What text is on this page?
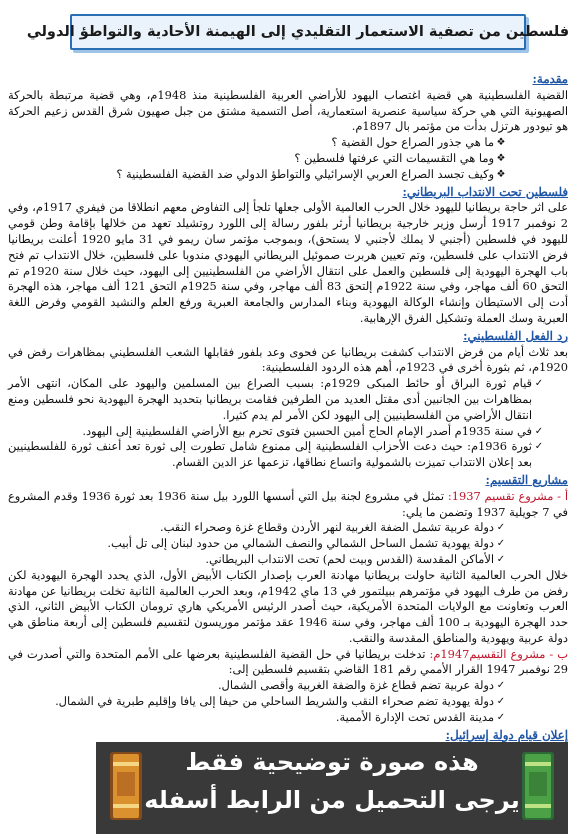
فلسطين من تصفية الاستعمار التقليدي إلى الهيمنة الأحادية والتواطؤ الدولي
مقدمة:

القضية الفلسطينية هي قضية اغتصاب اليهود للأراضي العربية الفلسطينية منذ 1948م، وهي قضية مرتبطة بالحركة الصهيونية التي هي حركة سياسية عنصرية استعمارية، أصل التسمية مشتق من جبل صهيون شرق القدس زعيم الحركة هو تيودور هرتزل بدأت من مؤتمر بال 1897م.

❖
ما هي جذور الصراع حول القضية ؟
❖
وما هي التقسيمات التي عرفتها فلسطين ؟
❖
وكيف تجسد الصراع العربي الإسرائيلي والتواطؤ الدولي ضد القضية الفلسطينية ؟
فلسطين تحت الانتداب البريطاني:

على اثر حاجة بريطانيا لليهود خلال الحرب العالمية الأولى جعلها تلجأ إلى التفاوض معهم انطلاقا من فيفري 1917م، وفي 2 نوفمبر 1917 أرسل وزير خارجية بريطانيا أرثر بلفور رسالة إلى اللورد روتشيلد تعهد من خلالها بإقامة وطن قومي لليهود في فلسطين (أجنبي لا يملك لأجنبي لا يستحق)، وبموجب مؤتمر سان ريمو في 31 مايو 1920 أعلنت بريطانيا فرض الانتداب على فلسطين، وتم تعيين هربرت صموئيل البريطاني اليهودي مندوبا على فلسطين، خلال الانتداب تم فتح باب الهجرة اليهودية إلى فلسطين والعمل على انتقال الأراضي من الفلسطينيين إلى اليهود، حيث خلال سنة 1920م تم التحق 60 ألف مهاجر، وفي سنة 1922م إلتحق 83 ألف مهاجر، وفي سنة 1925م التحق 121 ألف مهاجر، هذه الهجرة أدت إلى الاستيطان وإنشاء الوكالة اليهودية وبناء المدارس والجامعة العبرية ورفع العلم والنشيد القومي وفرض اللغة العبرية وسك العملة وتشكيل الفرق الإرهابية.

رد الفعل الفلسطيني:

بعد ثلاث أيام من فرض الانتداب كشفت بريطانيا عن فحوى وعد بلفور فقابلها الشعب الفلسطيني بمظاهرات رفض في 1920م، ثم بثورة أخرى في 1923م، أهم هذه الردود الفلسطينية:

✓
قيام ثورة البراق أو حائط المبكى 1929م: بسبب الصراع بين المسلمين واليهود على المكان، انتهى الأمر بمظاهرات بين الجانبين أدى مقتل العديد من الطرفين فقامت بريطانيا بتحديد الهجرة اليهودية نحو فلسطين ومنع انتقال الأراضي من الفلسطينيين إلى اليهود لكن الأمر لم يدم كثيرا.
✓
في سنة 1935م أصدر الإمام الحاج أمين الحسين فتوى تحرم بيع الأراضي الفلسطينية إلى اليهود.
✓
ثورة 1936م: حيث دعت الأحزاب الفلسطينية إلى ممنوع شامل تطورت إلى ثورة تعد أعنف ثورة للفلسطينيين بعد إعلان الانتداب تميزت بالشمولية واتساع نطاقها، تزعمها عز الدين القسام.
مشاريع التقسيم:

أ - مشروع تقسيم 1937: تمثل في مشروع لجنة بيل التي أسسها اللورد بيل سنة 1936 بعد ثورة 1936 وقدم المشروع في 7 جويلية 1937 وتضمن ما يلي:

✓
دولة عربية تشمل الضفة الغربية لنهر الأردن وقطاع غزة وصحراء النقب.
✓
دولة يهودية تشمل الساحل الشمالي والنصف الشمالي من حدود لبنان إلى تل أبيب.
✓
الأماكن المقدسة (القدس وبيت لحم) تحت الانتداب البريطاني.

خلال الحرب العالمية الثانية حاولت بريطانيا مهادنة العرب بإصدار الكتاب الأبيض الأول، الذي يحدد الهجرة اليهودية لكن رفض من طرف اليهود في مؤتمرهم ببيلتمور في 13 ماي 1942م، وبعد الحرب العالمية الثانية تخلت بريطانيا عن مهادنة العرب وتعاونت مع الولايات المتحدة الأمريكية، حيث أصدر الرئيس الأمريكي هاري ترومان الكتاب الأبيض الثاني، الذي حدد الهجرة اليهودية بـ 100 ألف مهاجر، وفي سنة 1946 عقد مؤتمر موريسون لتقسيم فلسطين إلى أربعة مناطق هي دولة عربية ويهودية والمناطق المقدسة والنقب.

ب - مشروع التقسيم1947م: تدخلت بريطانيا في حل القضية الفلسطينية بعرضها على الأمم المتحدة والتي أصدرت في 29 نوفمبر 1947 القرار الأممي رقم 181 القاضي بتقسيم فلسطين إلى:

✓
دولة عربية تضم قطاع غزة والضفة الغربية وأقصى الشمال.
✓
دولة يهودية تضم صحراء النقب والشريط الساحلي من حيفا إلى يافا وإقليم طبرية في الشمال.
✓
مدينة القدس تحت الإدارة الأممية.
إعلان قيام دولة إسرائيل:
هذه صورة توضيحية فقط
يرجى التحميل من الرابط أسفله
